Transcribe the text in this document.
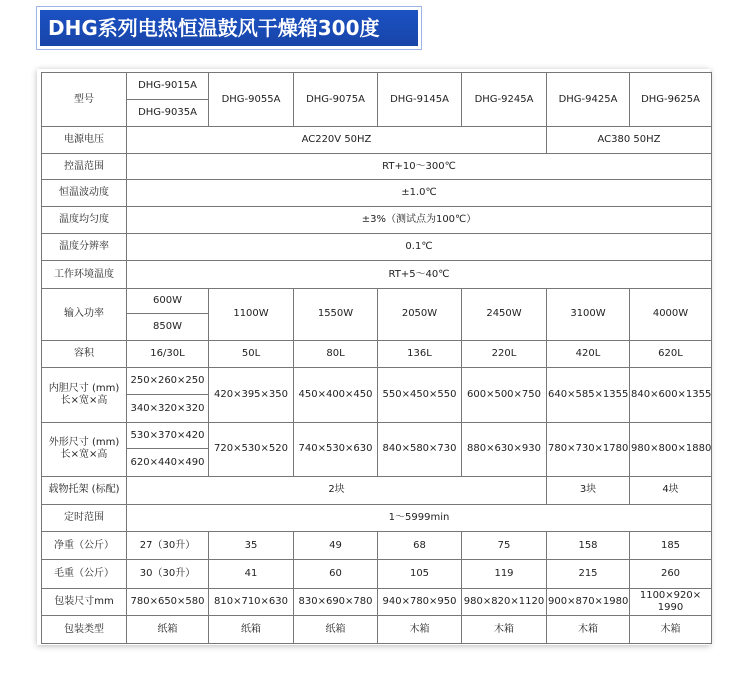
DHG系列电热恒温鼓风干燥箱300度
型号	DHG-9015A	DHG-9055A	DHG-9075A	DHG-9145A	DHG-9245A	DHG-9425A	DHG-9625A
	DHG-9035A						
电源电压	AC220V 50HZ					AC380 50HZ	
控温范围	RT+10～300℃						
恒温波动度	±1.0℃						
温度均匀度	±3%（测试点为100℃）						
温度分辨率	0.1℃						
工作环境温度	RT+5～40℃						
输入功率	600W	1100W	1550W	2050W	2450W	3100W	4000W
	850W						
容积	16/30L	50L	80L	136L	220L	420L	620L
内胆尺寸 (mm) 长×宽×高	250×260×250	420×395×350	450×400×450	550×450×550	600×500×750	640×585×1355	840×600×1355
	340×320×320						
外形尺寸 (mm) 长×宽×高	530×370×420	720×530×520	740×530×630	840×580×730	880×630×930	780×730×1780	980×800×1880
	620×440×490						
载物托架 (标配)	2块					3块	4块
定时范围	1～5999min						
净重（公斤）	27（30升）	35	49	68	75	158	185
毛重（公斤）	30（30升）	41	60	105	119	215	260
包装尺寸mm	780×650×580	810×710×630	830×690×780	940×780×950	980×820×1120	900×870×1980	1100×920×
1990
包装类型	纸箱	纸箱	纸箱	木箱	木箱	木箱	木箱
